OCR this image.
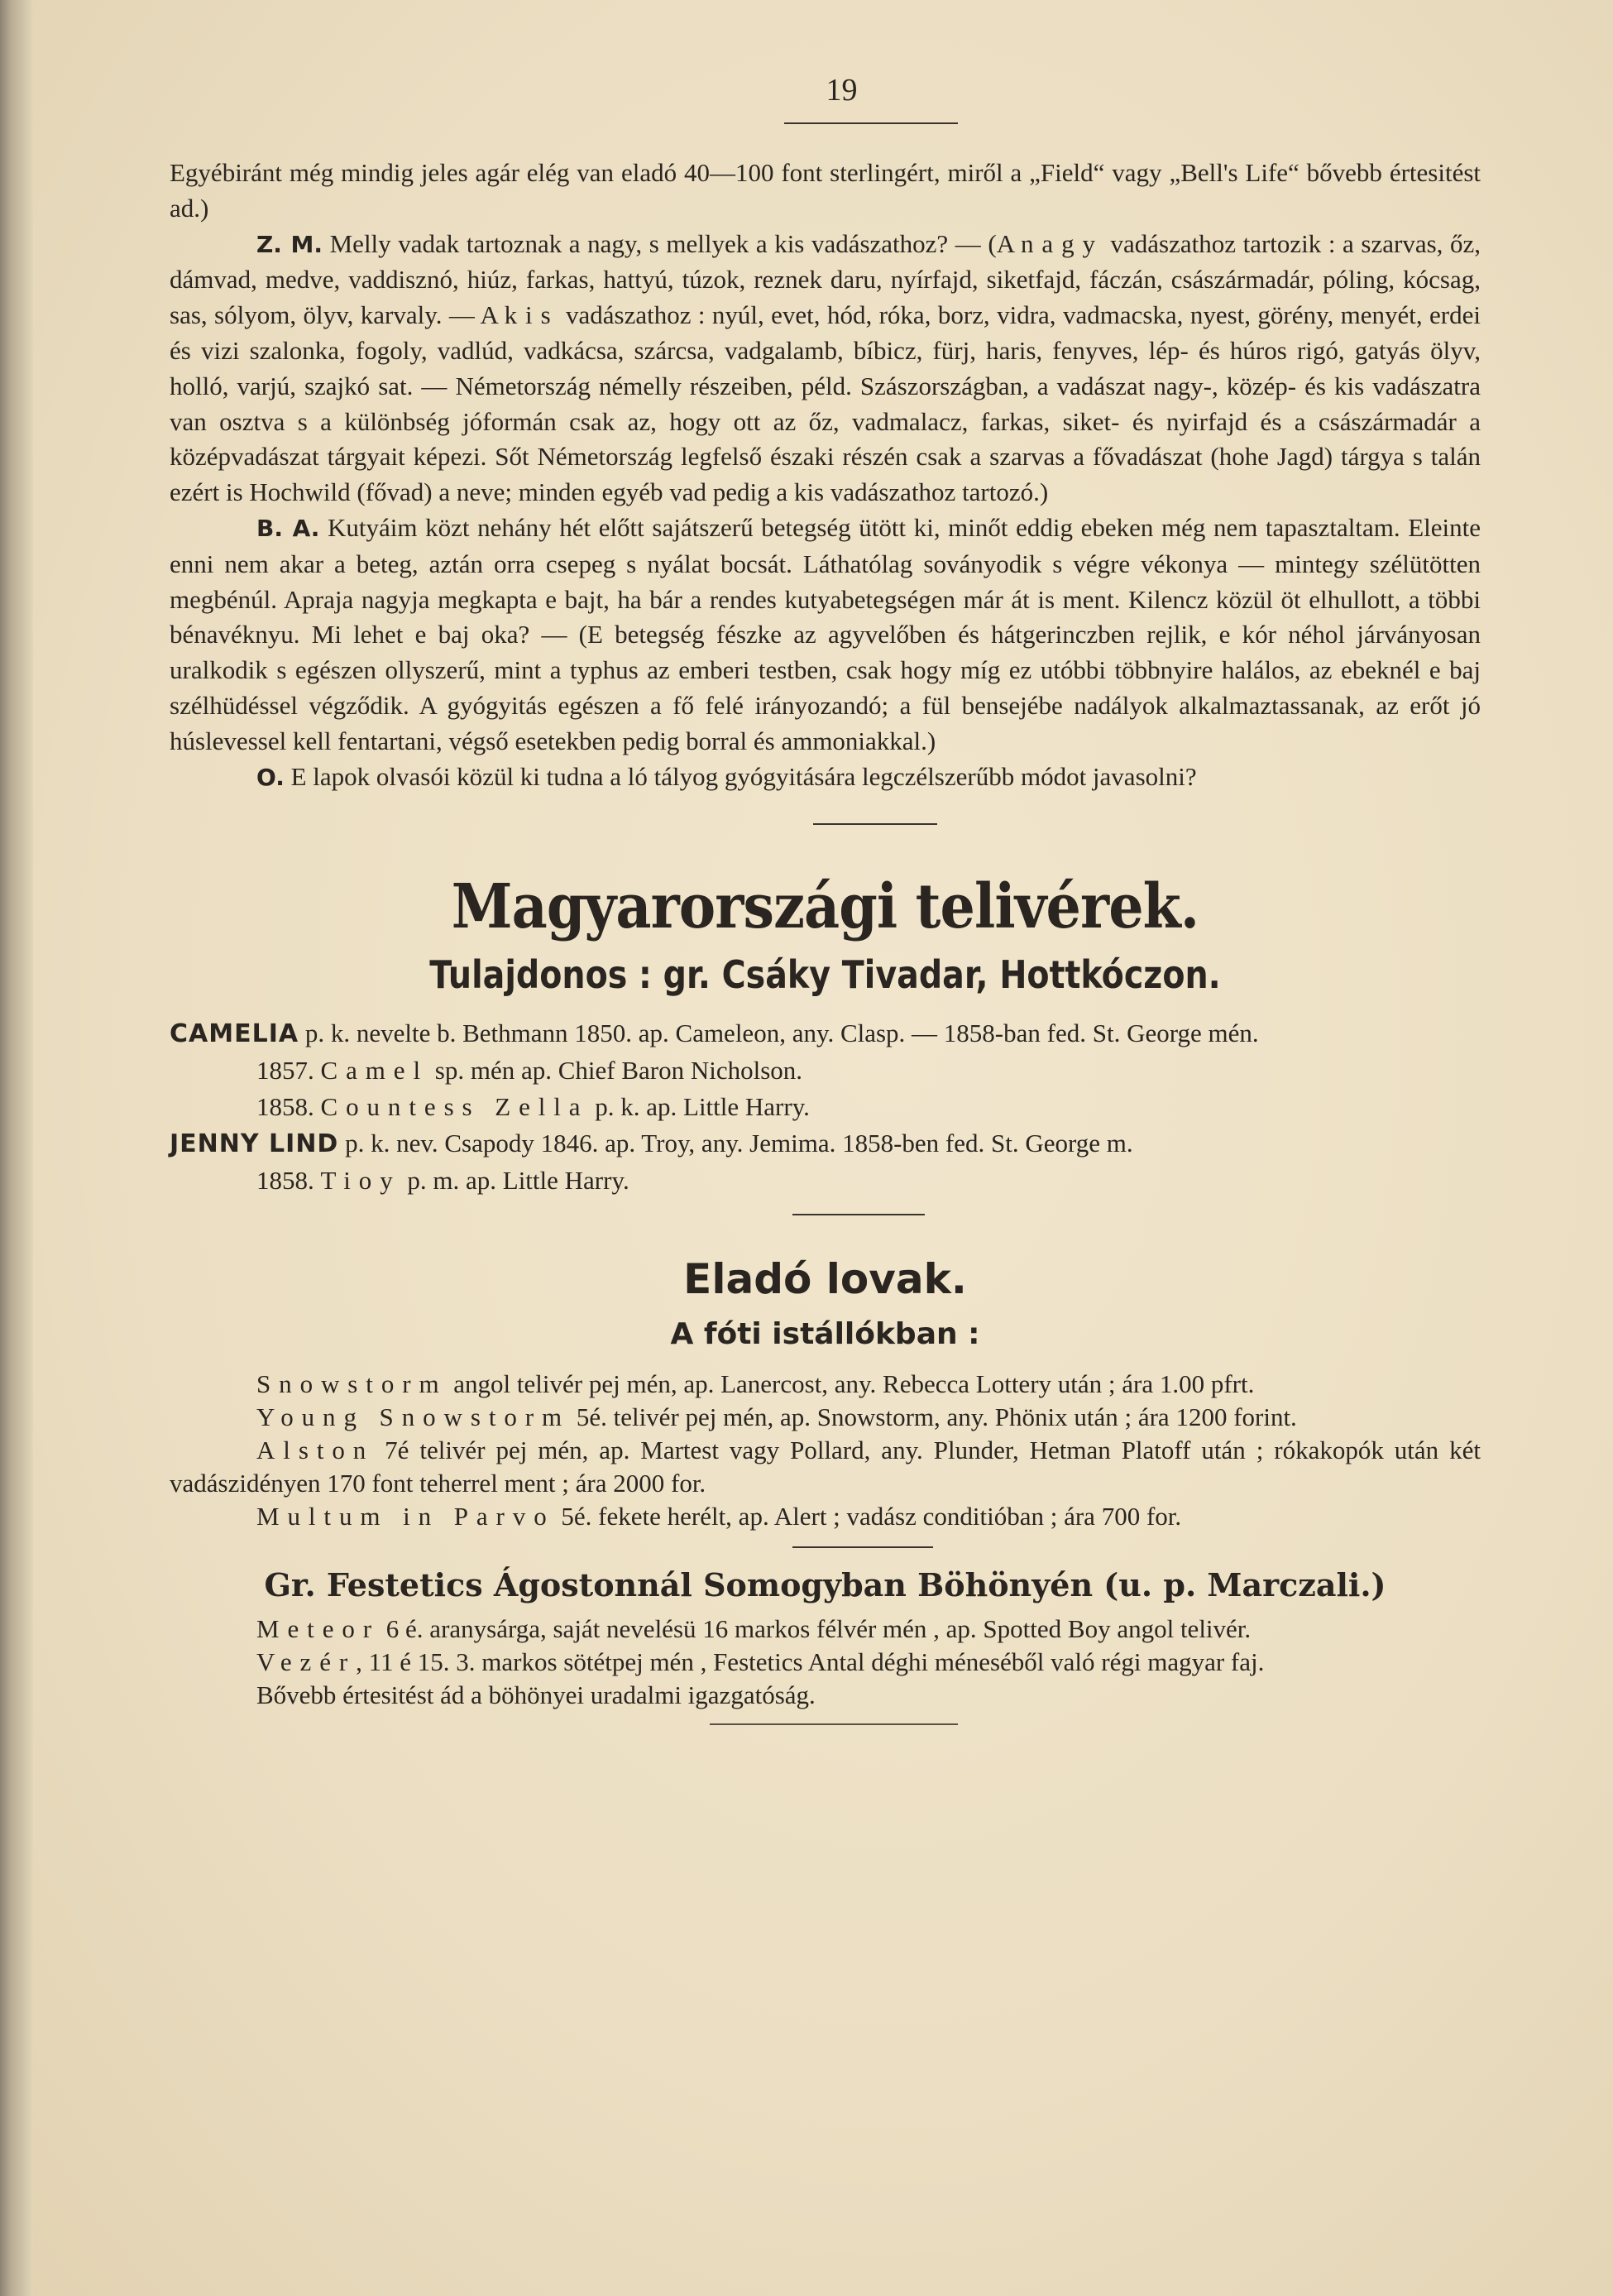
19

Egyébiránt még mindig jeles agár elég van eladó 40—100 font sterlingért, miről a „Field“ vagy „Bell's Life“ bővebb értesitést ad.)

Z. M. Melly vadak tartoznak a nagy, s mellyek a kis vadászathoz? — (A nagy vadászathoz tartozik : a szarvas, őz, dámvad, medve, vaddisznó, hiúz, farkas, hattyú, túzok, reznek daru, nyírfajd, siketfajd, fáczán, császármadár, póling, kócsag, sas, sólyom, ölyv, karvaly. — A kis vadászathoz : nyúl, evet, hód, róka, borz, vidra, vadmacska, nyest, görény, menyét, erdei és vizi szalonka, fogoly, vadlúd, vadkácsa, szárcsa, vadgalamb, bíbicz, fürj, haris, fenyves, lép- és húros rigó, gatyás ölyv, holló, varjú, szajkó sat. — Németország némelly részeiben, péld. Szászországban, a vadászat nagy-, közép- és kis vadászatra van osztva s a különbség jóformán csak az, hogy ott az őz, vadmalacz, farkas, siket- és nyirfajd és a császármadár a középvadászat tárgyait képezi. Sőt Németország legfelső északi részén csak a szarvas a fővadászat (hohe Jagd) tárgya s talán ezért is Hochwild (fővad) a neve; minden egyéb vad pedig a kis vadászathoz tartozó.)

B. A. Kutyáim közt nehány hét előtt sajátszerű betegség ütött ki, minőt eddig ebeken még nem tapasztaltam. Eleinte enni nem akar a beteg, aztán orra csepeg s nyálat bocsát. Láthatólag soványodik s végre vékonya — mintegy szélütötten megbénúl. Apraja nagyja megkapta e bajt, ha bár a rendes kutyabetegségen már át is ment. Kilencz közül öt elhullott, a többi bénavéknyu. Mi lehet e baj oka? — (E betegség fészke az agyvelőben és hátgerinczben rejlik, e kór néhol járványosan uralkodik s egészen ollyszerű, mint a typhus az emberi testben, csak hogy míg ez utóbbi többnyire halálos, az ebeknél e baj szélhüdéssel végződik. A gyógyitás egészen a fő felé irányozandó; a fül bensejébe nadályok alkalmaztassanak, az erőt jó húslevessel kell fentartani, végső esetekben pedig borral és ammoniakkal.)

O. E lapok olvasói közül ki tudna a ló tályog gyógyitására legczélszerűbb módot javasolni?

Magyarországi telivérek.
Tulajdonos : gr. Csáky Tivadar, Hottkóczon.

CAMELIA p. k. nevelte b. Bethmann 1850. ap. Cameleon, any. Clasp. — 1858-ban fed. St. George mén.

1857. Camel sp. mén ap. Chief Baron Nicholson.

1858. Countess Zella p. k. ap. Little Harry.

JENNY LIND p. k. nev. Csapody 1846. ap. Troy, any. Jemima. 1858-ben fed. St. George m.

1858. Tioy p. m. ap. Little Harry.

Eladó lovak.
A fóti istállókban :

Snowstorm angol telivér pej mén, ap. Lanercost, any. Rebecca Lottery után ; ára 1.00 pfrt.

Young Snowstorm 5é. telivér pej mén, ap. Snowstorm, any. Phönix után ; ára 1200 forint.

Alston 7é telivér pej mén, ap. Martest vagy Pollard, any. Plunder, Hetman Platoff után ; rókakopók után két vadászidényen 170 font teherrel ment ; ára 2000 for.

Multum in Parvo 5é. fekete herélt, ap. Alert ; vadász conditióban ; ára 700 for.

Gr. Festetics Ágostonnál Somogyban Böhönyén (u. p. Marczali.)

Meteor 6 é. aranysárga, saját nevelésü 16 markos félvér mén , ap. Spotted Boy angol telivér.

Vezér, 11 é 15. 3. markos sötétpej mén , Festetics Antal déghi méneséből való régi magyar faj.

Bővebb értesitést ád a böhönyei uradalmi igazgatóság.
